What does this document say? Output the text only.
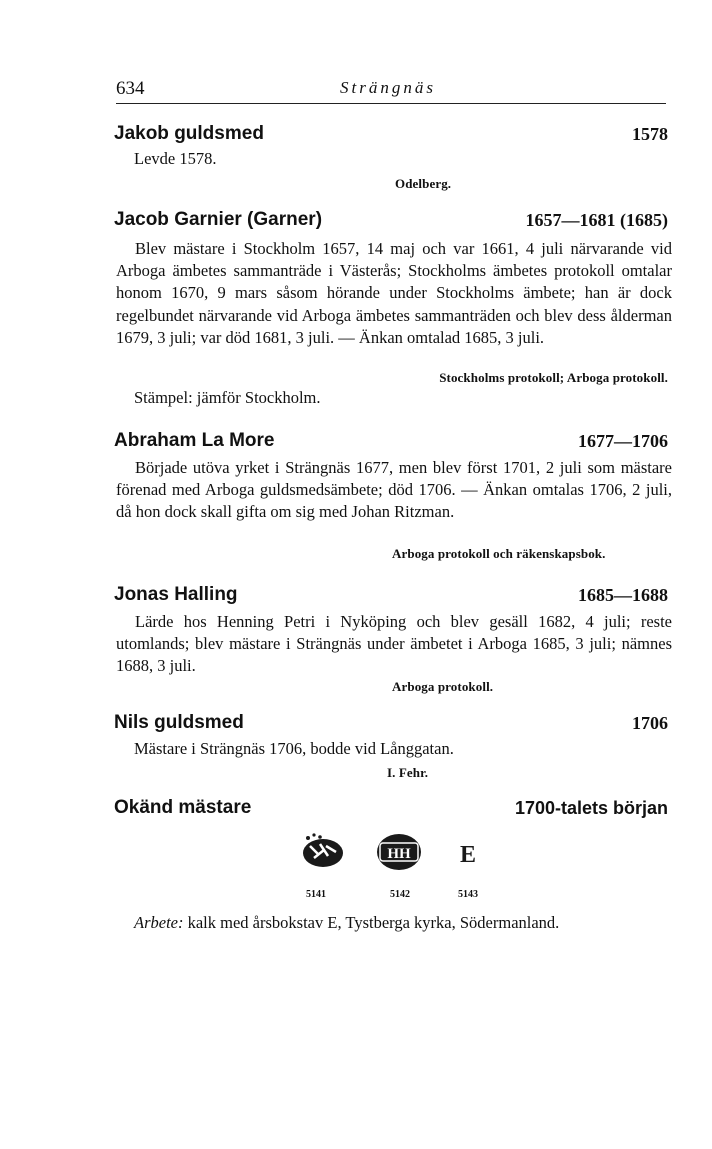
634	Strängnäs
Jakob guldsmed	1578
Levde 1578.
Odelberg.
Jacob Garnier (Garner)	1657—1681 (1685)
Blev mästare i Stockholm 1657, 14 maj och var 1661, 4 juli närvarande vid Arboga ämbetes sammanträde i Västerås; Stockholms ämbetes protokoll omtalar honom 1670, 9 mars såsom hörande under Stockholms ämbete; han är dock regelbundet närvarande vid Arboga ämbetes sammanträden och blev dess ålderman 1679, 3 juli; var död 1681, 3 juli. — Änkan omtalad 1685, 3 juli.
Stockholms protokoll; Arboga protokoll.
Stämpel: jämför Stockholm.
Abraham La More	1677—1706
Började utöva yrket i Strängnäs 1677, men blev först 1701, 2 juli som mästare förenad med Arboga guldsmedsämbete; död 1706. — Änkan omtalas 1706, 2 juli, då hon dock skall gifta om sig med Johan Ritzman.
Arboga protokoll och räkenskapsbok.
Jonas Halling	1685—1688
Lärde hos Henning Petri i Nyköping och blev gesäll 1682, 4 juli; reste utomlands; blev mästare i Strängnäs under ämbetet i Arboga 1685, 3 juli; nämnes 1688, 3 juli.
Arboga protokoll.
Nils guldsmed	1706
Mästare i Strängnäs 1706, bodde vid Långgatan.
I. Fehr.
Okänd mästare	1700-talets början
HH E
5141	5142	5143
Arbete: kalk med årsbokstav E, Tystberga kyrka, Södermanland.
